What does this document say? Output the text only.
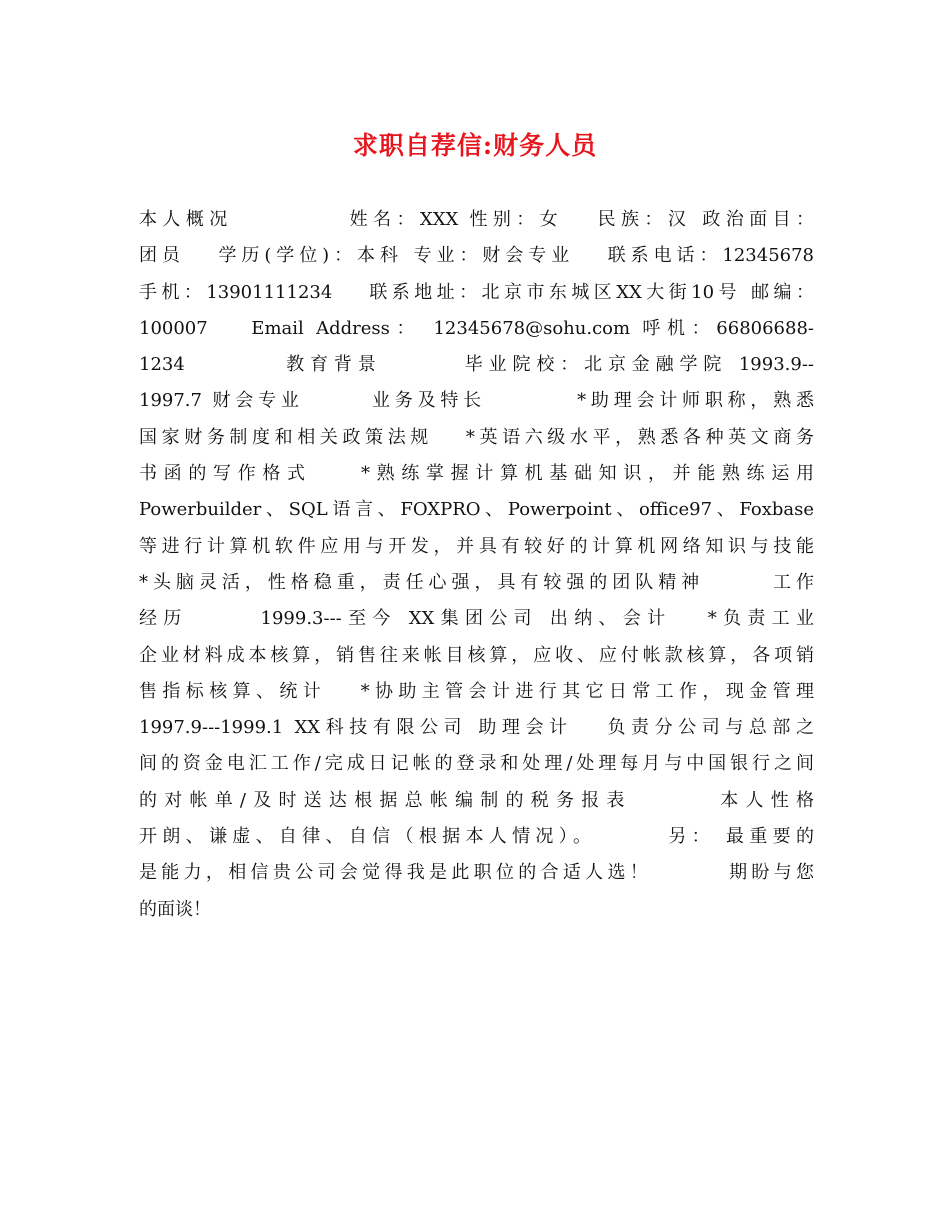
求职自荐信:财务人员
本人概况　　　　　姓名：XXX 性别：女　 民族：汉 政治面目：
团员　 学历(学位)：本科 专业：财会专业　 联系电话：12345678
手机：13901111234　 联系地址：北京市东城区XX大街10号 邮编：
100007　 Email Address： 12345678@sohu.com 呼机：66806688-
1234　　　　教育背景　　　 毕业院校：北京金融学院 1993.9--
1997.7 财会专业　　　业务及特长　　　　*助理会计师职称，熟悉
国家财务制度和相关政策法规　 *英语六级水平，熟悉各种英文商务
书函的写作格式　　*熟练掌握计算机基础知识，并能熟练运用
Powerbuilder、SQL语言、FOXPRO、Powerpoint、office97、Foxbase
等进行计算机软件应用与开发，并具有较好的计算机网络知识与技能
*头脑灵活，性格稳重，责任心强，具有较强的团队精神　　　工作
经历　　　1999.3---至今 XX集团公司 出纳、会计　 *负责工业
企业材料成本核算，销售往来帐目核算，应收、应付帐款核算，各项销
售指标核算、统计　 *协助主管会计进行其它日常工作，现金管理
1997.9---1999.1 XX科技有限公司 助理会计　 负责分公司与总部之
间的资金电汇工作/完成日记帐的登录和处理/处理每月与中国银行之间
的对帐单/及时送达根据总帐编制的税务报表　　　 本人性格
开朗、谦虚、自律、自信（根据本人情况）。　　　 另： 最重要的
是能力，相信贵公司会觉得我是此职位的合适人选！　　　 期盼与您
的面谈！
